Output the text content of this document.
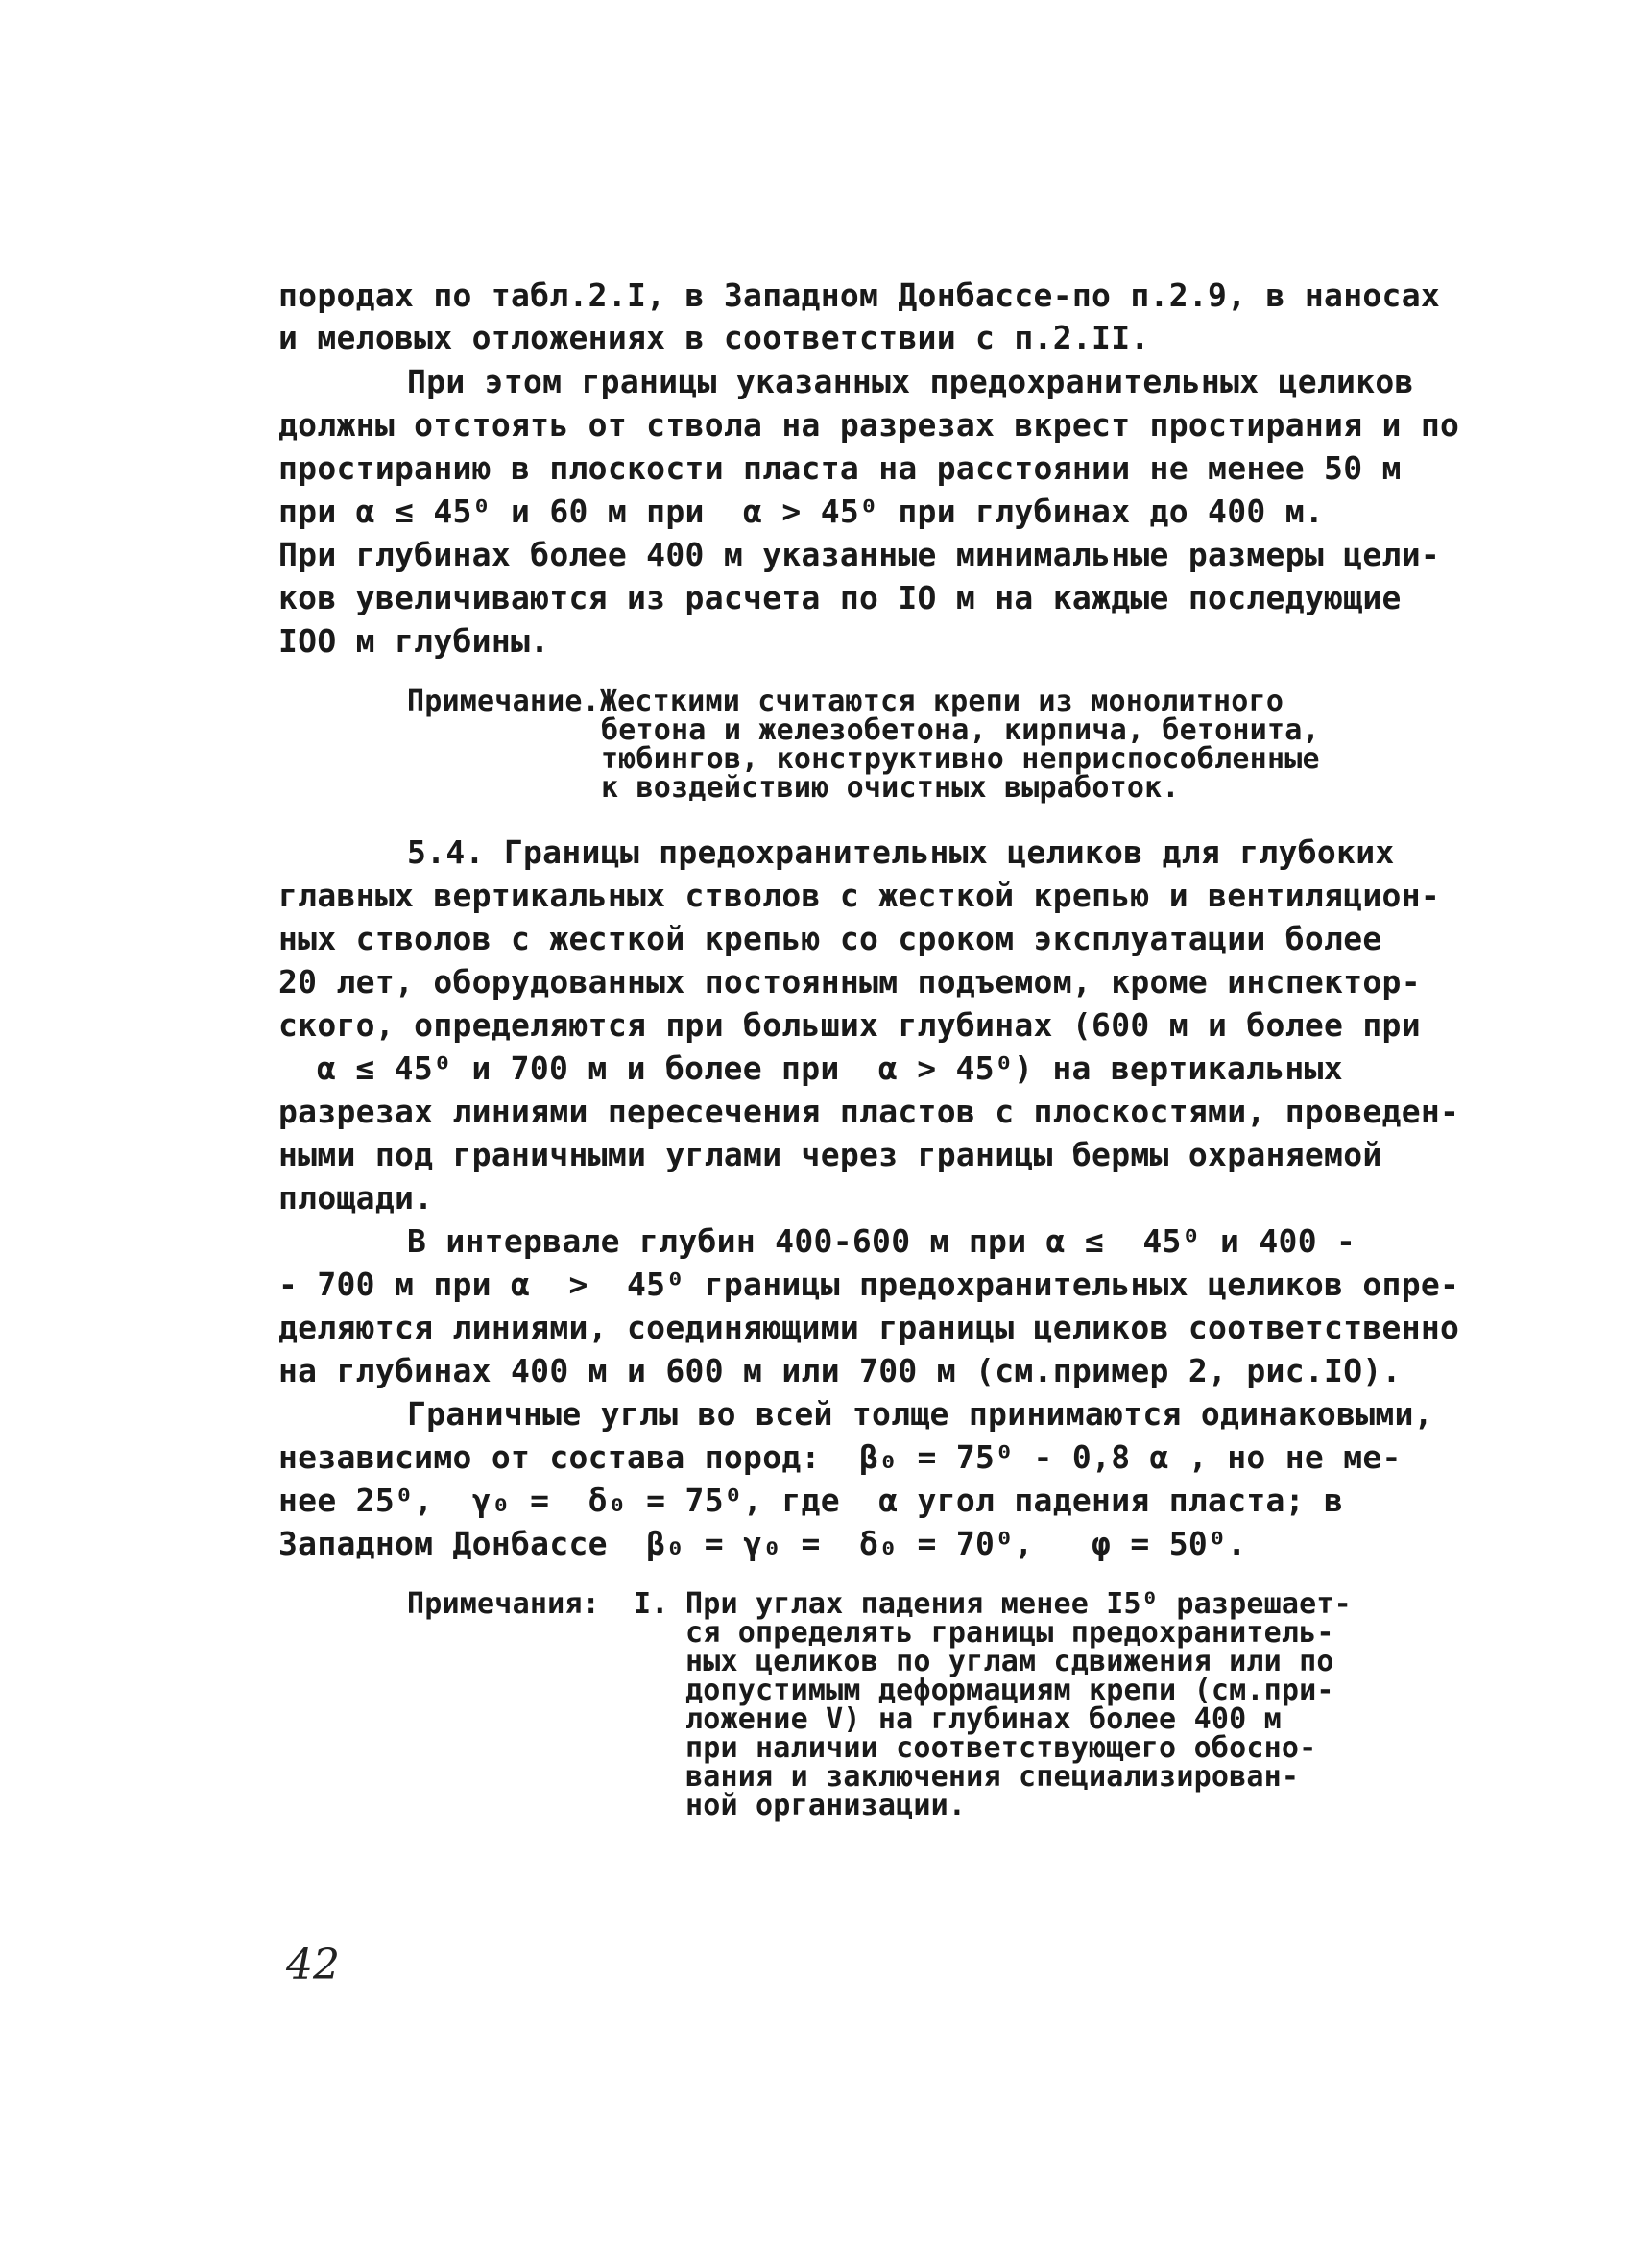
породах по табл.2.I, в Западном Донбассе-по п.2.9, в наносах
и меловых отложениях в соответствии с п.2.II.
При этом границы указанных предохранительных целиков
должны отстоять от ствола на разрезах вкрест простирания и по
простиранию в плоскости пласта на расстоянии не менее 50 м
при α ≤ 45⁰ и 60 м при  α > 45⁰ при глубинах до 400 м.
При глубинах более 400 м указанные минимальные размеры цели-
ков увеличиваются из расчета по IO м на каждые последующие
IOO м глубины.
Примечание.Жесткими считаются крепи из монолитного
бетона и железобетона, кирпича, бетонита,
тюбингов, конструктивно неприспособленные
к воздействию очистных выработок.
5.4. Границы предохранительных целиков для глубоких
главных вертикальных стволов с жесткой крепью и вентиляцион-
ных стволов с жесткой крепью со сроком эксплуатации более
20 лет, оборудованных постоянным подъемом, кроме инспектор-
ского, определяются при больших глубинах (600 м и более при
α ≤ 45⁰ и 700 м и более при  α > 45⁰) на вертикальных
разрезах линиями пересечения пластов с плоскостями, проведен-
ными под граничными углами через границы бермы охраняемой
площади.
В интервале глубин 400-600 м при α ≤  45⁰ и 400 -
- 700 м при α  >  45⁰ границы предохранительных целиков опре-
деляются линиями, соединяющими границы целиков соответственно
на глубинах 400 м и 600 м или 700 м (см.пример 2, рис.IO).
Граничные углы во всей толще принимаются одинаковыми,
независимо от состава пород:  β₀ = 75⁰ - 0,8 α , но не ме-
нее 25⁰,  γ₀ =  δ₀ = 75⁰, где  α угол падения пласта; в
Западном Донбассе  β₀ = γ₀ =  δ₀ = 70⁰,   φ = 50⁰.
Примечания: I. При углах падения менее I5⁰ разрешает-
ся определять границы предохранитель-
ных целиков по углам сдвижения или по
допустимым деформациям крепи (см.при-
ложение V) на глубинах более 400 м
при наличии соответствующего обосно-
вания и заключения специализирован-
ной организации.
42
